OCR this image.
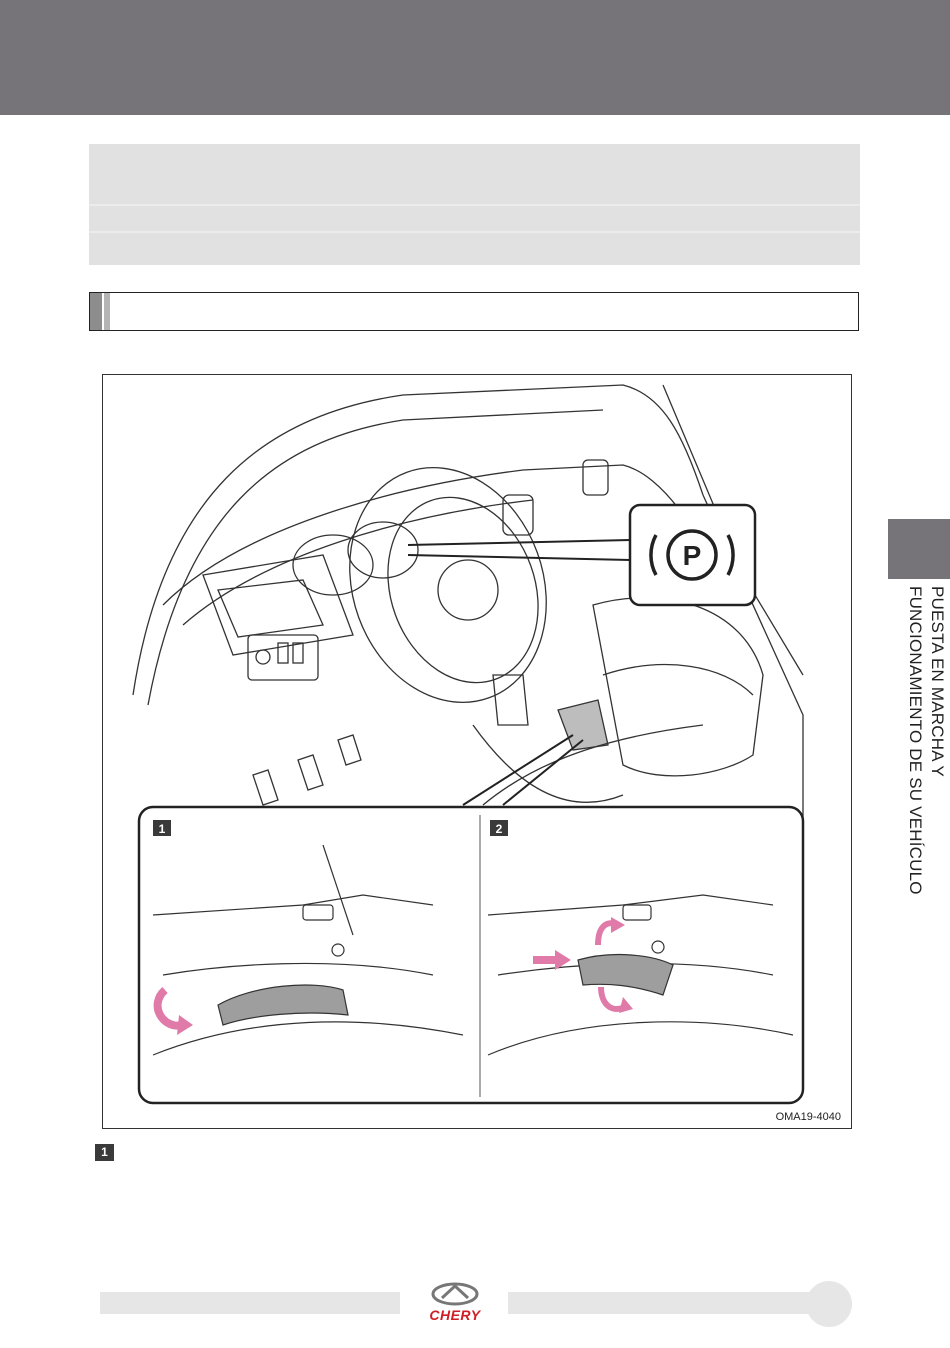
PUESTA EN MARCHA Y
FUNCIONAMIENTO DE SU VEHÍCULO
P
1	2
OMA19-4040
1
CHERY
